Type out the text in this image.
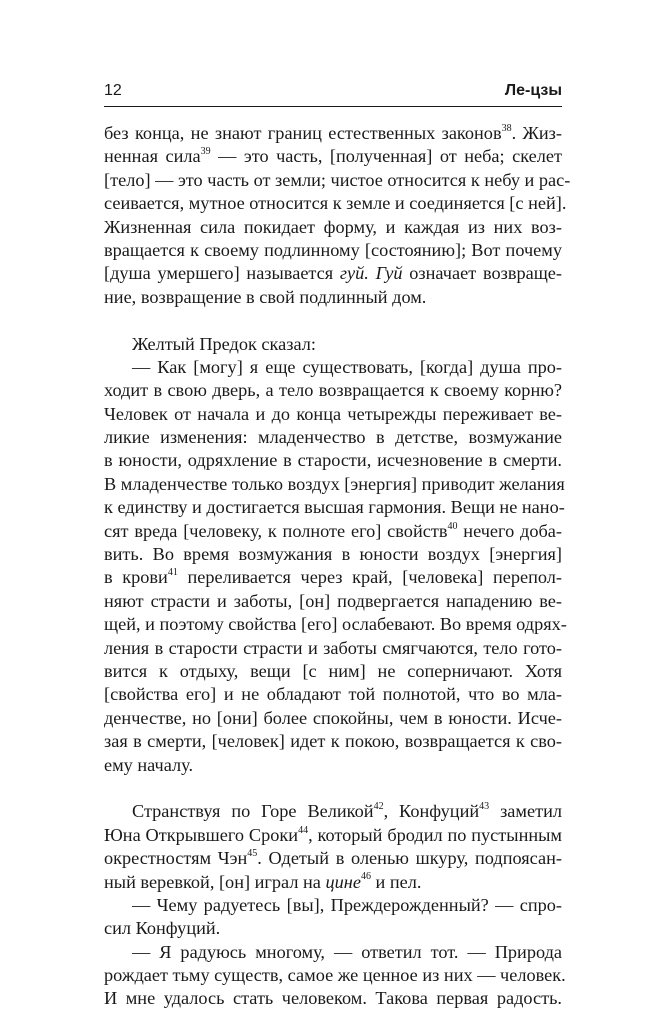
12	Ле-цзы
без конца, не знают границ естественных законов$^{38}$. Жиз-
ненная сила$^{39}$ — это часть, [полученная] от неба; скелет
[тело] — это часть от земли; чистое относится к небу и рас-
сеивается, мутное относится к земле и соединяется [с ней].
Жизненная сила покидает форму, и каждая из них воз-
вращается к своему подлинному [состоянию]; Вот почему
[душа умершего] называется гуй. Гуй означает возвраще-
ние, возвращение в свой подлинный дом.
Желтый Предок сказал:
— Как [могу] я еще существовать, [когда] душа про-
ходит в свою дверь, а тело возвращается к своему корню?
Человек от начала и до конца четырежды переживает ве-
ликие изменения: младенчество в детстве, возмужание
в юности, одряхление в старости, исчезновение в смерти.
В младенчестве только воздух [энергия] приводит желания
к единству и достигается высшая гармония. Вещи не нано-
сят вреда [человеку, к полноте его] свойств$^{40}$ нечего доба-
вить. Во время возмужания в юности воздух [энергия]
в крови$^{41}$ переливается через край, [человека] перепол-
няют страсти и заботы, [он] подвергается нападению ве-
щей, и поэтому свойства [его] ослабевают. Во время одрях-
ления в старости страсти и заботы смягчаются, тело гото-
вится к отдыху, вещи [с ним] не соперничают. Хотя
[свойства его] и не обладают той полнотой, что во мла-
денчестве, но [они] более спокойны, чем в юности. Исче-
зая в смерти, [человек] идет к покою, возвращается к сво-
ему началу.
Странствуя по Горе Великой$^{42}$, Конфуций$^{43}$ заметил
Юна Открывшего Сроки$^{44}$, который бродил по пустынным
окрестностям Чэн$^{45}$. Одетый в оленью шкуру, подпоясан-
ный веревкой, [он] играл на цине$^{46}$ и пел.
— Чему радуетесь [вы], Преждерожденный? — спро-
сил Конфуций.
— Я радуюсь многому, — ответил тот. — Природа
рождает тьму существ, самое же ценное из них — человек.
И мне удалось стать человеком. Такова первая радость.
